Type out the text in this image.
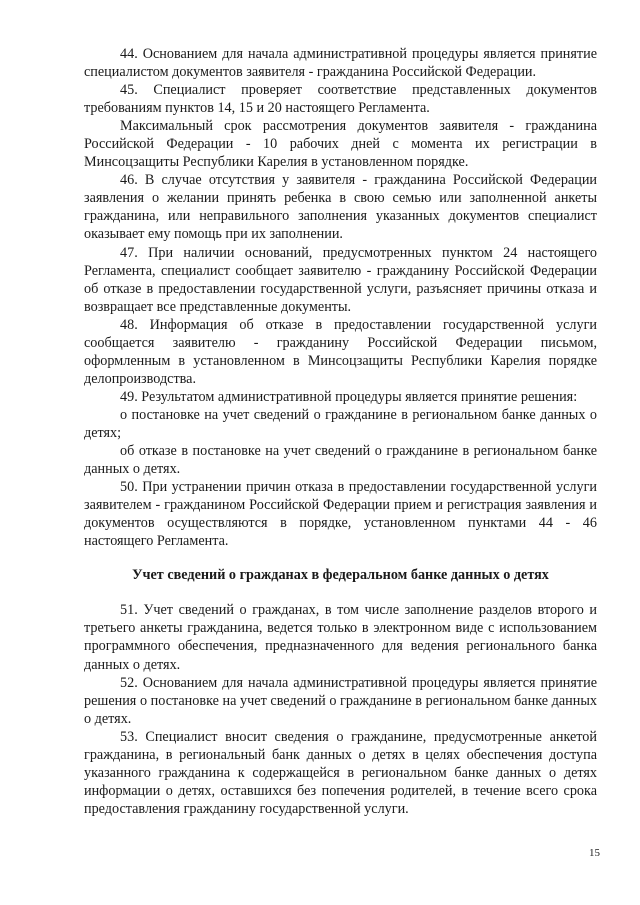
44. Основанием для начала административной процедуры является принятие специалистом документов заявителя - гражданина Российской Федерации.

45. Специалист проверяет соответствие представленных документов требованиям пунктов 14, 15 и 20 настоящего Регламента.

Максимальный срок рассмотрения документов заявителя - гражданина Российской Федерации - 10 рабочих дней с момента их регистрации в Минсоцзащиты Республики Карелия в установленном порядке.

46. В случае отсутствия у заявителя - гражданина Российской Федерации заявления о желании принять ребенка в свою семью или заполненной анкеты гражданина, или неправильного заполнения указанных документов специалист оказывает ему помощь при их заполнении.

47. При наличии оснований, предусмотренных пунктом 24 настоящего Регламента, специалист сообщает заявителю - гражданину Российской Федерации об отказе в предоставлении государственной услуги, разъясняет причины отказа и возвращает все представленные документы.

48. Информация об отказе в предоставлении государственной услуги сообщается заявителю - гражданину Российской Федерации письмом, оформленным в установленном в Минсоцзащиты Республики Карелия порядке делопроизводства.

49. Результатом административной процедуры является принятие решения:

о постановке на учет сведений о гражданине в региональном банке данных о детях;

об отказе в постановке на учет сведений о гражданине в региональном банке данных о детях.

50. При устранении причин отказа в предоставлении государственной услуги заявителем - гражданином Российской Федерации прием и регистрация заявления и документов осуществляются в порядке, установленном пунктами 44 - 46 настоящего Регламента.

Учет сведений о гражданах в федеральном банке данных о детях

51. Учет сведений о гражданах, в том числе заполнение разделов второго и третьего анкеты гражданина, ведется только в электронном виде с использованием программного обеспечения, предназначенного для ведения регионального банка данных о детях.

52. Основанием для начала административной процедуры является принятие решения о постановке на учет сведений о гражданине в региональном банке данных о детях.

53. Специалист вносит сведения о гражданине, предусмотренные анкетой гражданина, в региональный банк данных о детях в целях обеспечения доступа указанного гражданина к содержащейся в региональном банке данных о детях информации о детях, оставшихся без попечения родителей, в течение всего срока предоставления гражданину государственной услуги.

15
